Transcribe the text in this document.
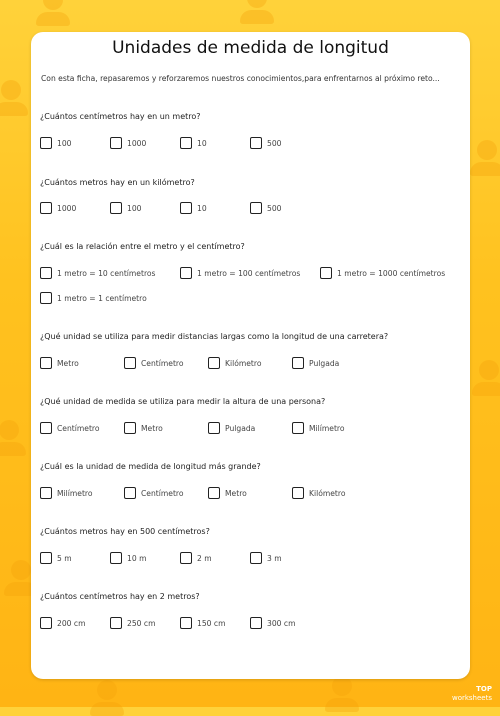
Unidades de medida de longitud
Con esta ficha, repasaremos y reforzaremos nuestros conocimientos,para enfrentarnos al próximo reto...
¿Cuántos centímetros hay en un metro?
100	1000	10	500
¿Cuántos metros hay en un kilómetro?
1000	100	10	500
¿Cuál es la relación entre el metro y el centímetro?
1 metro = 10 centímetros	1 metro = 100 centímetros	1 metro = 1000 centímetros
1 metro = 1 centímetro
¿Qué unidad se utiliza para medir distancias largas como la longitud de una carretera?
Metro	Centímetro	Kilómetro	Pulgada
¿Qué unidad de medida se utiliza para medir la altura de una persona?
Centímetro	Metro	Pulgada	Milímetro
¿Cuál es la unidad de medida de longitud más grande?
Milímetro	Centímetro	Metro	Kilómetro
¿Cuántos metros hay en 500 centímetros?
5 m	10 m	2 m	3 m
¿Cuántos centímetros hay en 2 metros?
200 cm	250 cm	150 cm	300 cm
TOP
worksheets
